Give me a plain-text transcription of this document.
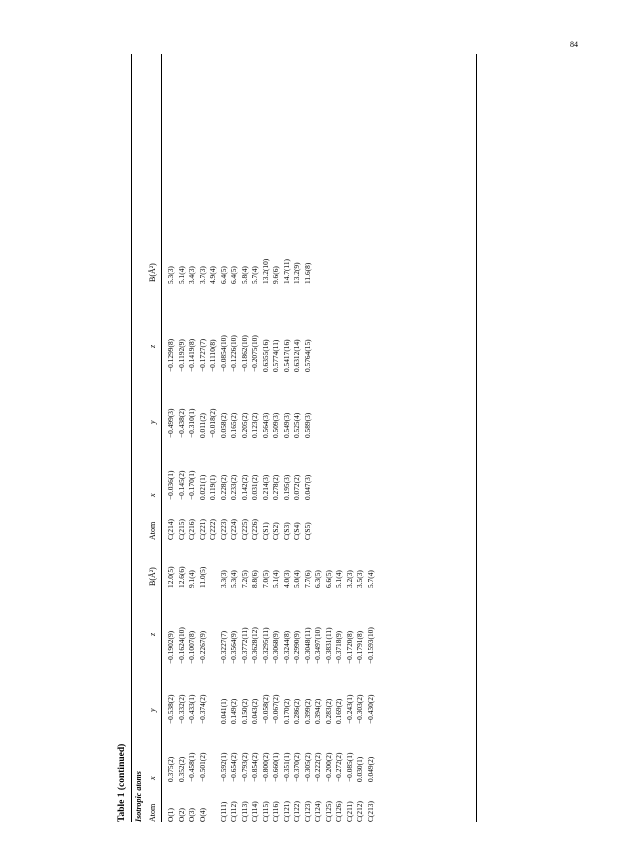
84
Table 1 (continued) Isotropic atoms Atom
x
y
z
B(Å²)
Atom
x
y
z
B(Å²)
O(1) O(2) O(3) O(4) C(111) C(112) C(113) C(114) C(115) C(116) C(121) C(122) C(123) C(124) C(125) C(126) C(211) C(212) C(213)
0.375(2) 0.352(2) −0.458(1) −0.501(2) −0.592(1) −0.654(2) −0.793(2) −0.854(2) −0.800(2) −0.660(1) −0.351(1) −0.370(2) −0.305(2) −0.222(2) −0.200(2) −0.272(2) −0.085(1) 0.030(1) 0.049(2)
−0.538(2) −0.332(2) −0.433(1) −0.374(2) 0.041(1) 0.149(2) 0.150(2) 0.043(2) −0.058(2) −0.067(2) 0.170(2) 0.286(2) 0.399(2) 0.394(2) 0.283(2) 0.169(2) −0.243(1) −0.303(2) −0.430(2)
−0.1902(9) −0.1624(10) −0.1007(8) −0.2267(9) −0.3227(7) −0.3564(9) −0.3772(11) −0.3628(12) −0.3295(11) −0.3068(9) −0.3244(8) −0.2990(9) −0.3048(11) −0.3497(10) −0.3831(11) −0.3718(9) −0.1720(8) −0.1791(8) −0.1593(10)
12.0(5) 12.6(6) 9.1(4) 11.0(5) 3.3(3) 5.3(4) 7.2(5) 8.8(6) 7.0(5) 5.1(4) 4.0(3) 5.0(4) 7.7(6) 6.3(5) 6.6(5) 5.1(4) 3.2(3) 3.5(3) 5.7(4)
C(214) C(215) C(216) C(221) C(222) C(223) C(224) C(225) C(226) C(S1) C(S2) C(S3) C(S4) C(S5)
−0.036(1) −0.145(2) −0.170(1) 0.021(1) 0.119(1) 0.228(2) 0.233(2) 0.142(2) 0.031(2) 0.214(3) 0.278(2) 0.195(3) 0.072(2) 0.047(3)
−0.499(3) −0.438(2) −0.310(1) 0.011(2) −0.018(2) 0.058(2) 0.165(2) 0.205(2) 0.123(2) 0.564(3) 0.509(3) 0.549(3) 0.525(4) 0.589(3)
−0.1299(8) −0.1192(9) −0.1419(8) −0.1727(7) −0.1110(8) −0.0854(10) −0.1226(10) −0.1862(10) −0.2075(10) 0.6355(16) 0.5774(11) 0.5417(16) 0.6312(14) 0.5764(15)
5.3(3) 5.1(4) 3.4(3) 3.7(3) 4.9(4) 6.4(5) 6.4(5) 5.8(4) 5.7(4) 13.2(10) 9.6(6) 14.7(11) 13.2(9) 11.6(8)
